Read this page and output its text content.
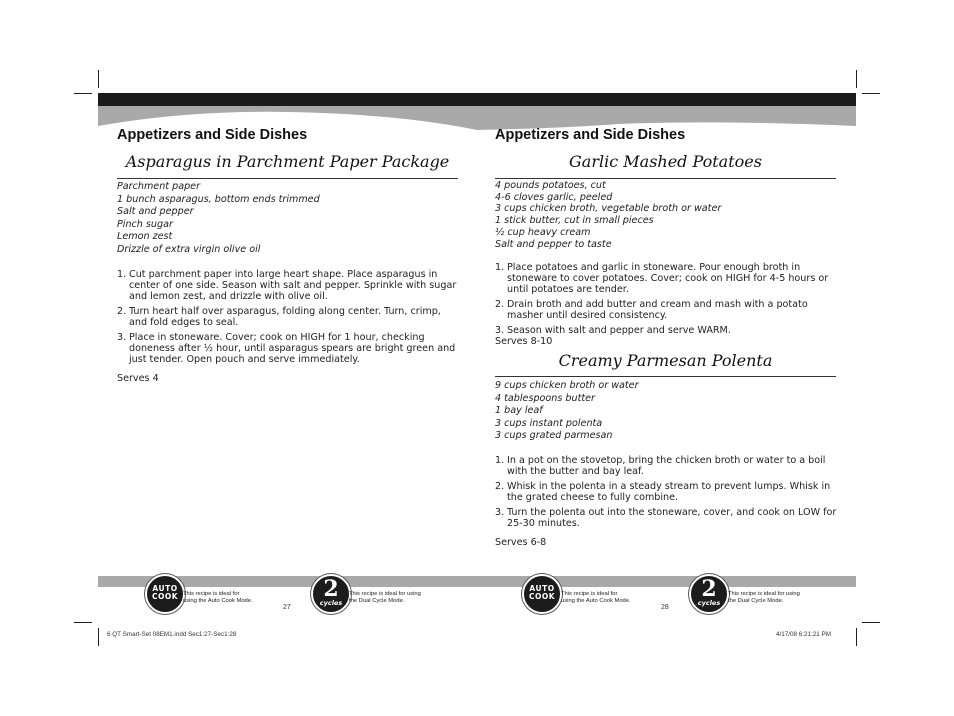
Appetizers and Side Dishes
Asparagus in Parchment Paper Package
Parchment paper
1 bunch asparagus, bottom ends trimmed
Salt and pepper
Pinch sugar
Lemon zest
Drizzle of extra virgin olive oil
1. Cut parchment paper into large heart shape. Place asparagus in center of one side. Season with salt and pepper. Sprinkle with sugar and lemon zest, and drizzle with olive oil.
2. Turn heart half over asparagus, folding along center. Turn, crimp, and fold edges to seal.
3. Place in stoneware. Cover; cook on HIGH for 1 hour, checking doneness after ½ hour, until asparagus spears are bright green and just tender. Open pouch and serve immediately.
Serves 4
Appetizers and Side Dishes
Garlic Mashed Potatoes
4 pounds potatoes, cut
4-6 cloves garlic, peeled
3 cups chicken broth, vegetable broth or water
1 stick butter, cut in small pieces
½ cup heavy cream
Salt and pepper to taste
1. Place potatoes and garlic in stoneware. Pour enough broth in stoneware to cover potatoes. Cover; cook on HIGH for 4-5 hours or until potatoes are tender.
2. Drain broth and add butter and cream and mash with a potato masher until desired consistency.
3. Season with salt and pepper and serve WARM.
Serves 8-10
Creamy Parmesan Polenta
9 cups chicken broth or water
4 tablespoons butter
1 bay leaf
3 cups instant polenta
3 cups grated parmesan
1. In a pot on the stovetop, bring the chicken broth or water to a boil with the butter and bay leaf.
2. Whisk in the polenta in a steady stream to prevent lumps. Whisk in the grated cheese to fully combine.
3. Turn the polenta out into the stoneware, cover, and cook on LOW for 25-30 minutes.
Serves 6-8
AUTO
COOK This recipe is ideal for
using the Auto Cook Mode.	2
cycles
This recipe is ideal for using
the Dual Cycle Mode.
27
AUTO
COOK	This recipe is ideal for
using the Auto Cook Mode.	2
cycles
This recipe is ideal for using
the Dual Cycle Mode.
28
6 QT Smart-Set 08EM1.indd Sec1:27-Sec1:28	4/17/08 6:21:21 PM
